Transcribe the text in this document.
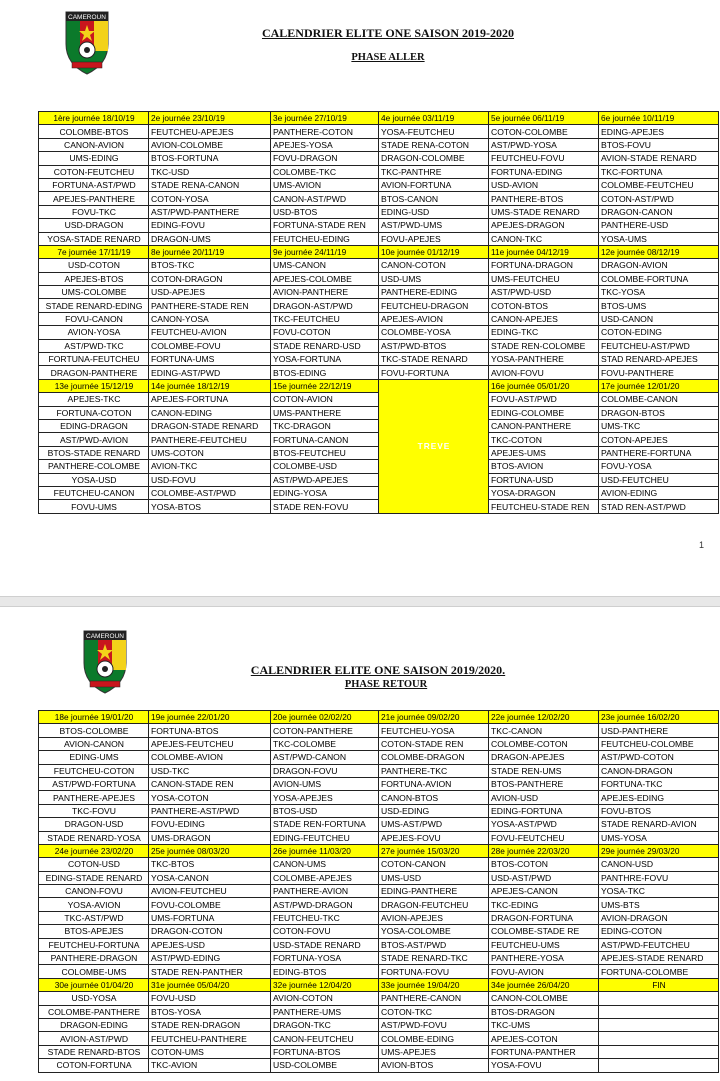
CAMEROUN
CALENDRIER ELITE ONE SAISON 2019-2020
PHASE ALLER
1ère journée 18/10/19	2e journée 23/10/19	3e journée 27/10/19	4e journée 03/11/19	5e journée 06/11/19	6e journée 10/11/19
COLOMBE-BTOS	FEUTCHEU-APEJES	PANTHERE-COTON	YOSA-FEUTCHEU	COTON-COLOMBE	EDING-APEJES
CANON-AVION	AVION-COLOMBE	APEJES-YOSA	STADE RENA-COTON	AST/PWD-YOSA	BTOS-FOVU
UMS-EDING	BTOS-FORTUNA	FOVU-DRAGON	DRAGON-COLOMBE	FEUTCHEU-FOVU	AVION-STADE RENARD
COTON-FEUTCHEU	TKC-USD	COLOMBE-TKC	TKC-PANTHRE	FORTUNA-EDING	TKC-FORTUNA
FORTUNA-AST/PWD	STADE RENA-CANON	UMS-AVION	AVION-FORTUNA	USD-AVION	COLOMBE-FEUTCHEU
APEJES-PANTHERE	COTON-YOSA	CANON-AST/PWD	BTOS-CANON	PANTHERE-BTOS	COTON-AST/PWD
FOVU-TKC	AST/PWD-PANTHERE	USD-BTOS	EDING-USD	UMS-STADE RENARD	DRAGON-CANON
USD-DRAGON	EDING-FOVU	FORTUNA-STADE REN	AST/PWD-UMS	APEJES-DRAGON	PANTHERE-USD
YOSA-STADE RENARD	DRAGON-UMS	FEUTCHEU-EDING	FOVU-APEJES	CANON-TKC	YOSA-UMS
7e journée 17/11/19	8e journée 20/11/19	9e journée 24/11/19	10e journée 01/12/19	11e journée 04/12/19	12e journée 08/12/19
USD-COTON	BTOS-TKC	UMS-CANON	CANON-COTON	FORTUNA-DRAGON	DRAGON-AVION
APEJES-BTOS	COTON-DRAGON	APEJES-COLOMBE	USD-UMS	UMS-FEUTCHEU	COLOMBE-FORTUNA
UMS-COLOMBE	USD-APEJES	AVION-PANTHERE	PANTHERE-EDING	AST/PWD-USD	TKC-YOSA
STADE RENARD-EDING	PANTHERE-STADE REN	DRAGON-AST/PWD	FEUTCHEU-DRAGON	COTON-BTOS	BTOS-UMS
FOVU-CANON	CANON-YOSA	TKC-FEUTCHEU	APEJES-AVION	CANON-APEJES	USD-CANON
AVION-YOSA	FEUTCHEU-AVION	FOVU-COTON	COLOMBE-YOSA	EDING-TKC	COTON-EDING
AST/PWD-TKC	COLOMBE-FOVU	STADE RENARD-USD	AST/PWD-BTOS	STADE REN-COLOMBE	FEUTCHEU-AST/PWD
FORTUNA-FEUTCHEU	FORTUNA-UMS	YOSA-FORTUNA	TKC-STADE RENARD	YOSA-PANTHERE	STAD RENARD-APEJES
DRAGON-PANTHERE	EDING-AST/PWD	BTOS-EDING	FOVU-FORTUNA	AVION-FOVU	FOVU-PANTHERE
13e journée 15/12/19	14e journée 18/12/19	15e journée 22/12/19	TREVE	16e journée 05/01/20	17e journée 12/01/20
APEJES-TKC	APEJES-FORTUNA	COTON-AVION		FOVU-AST/PWD	COLOMBE-CANON
FORTUNA-COTON	CANON-EDING	UMS-PANTHERE		EDING-COLOMBE	DRAGON-BTOS
EDING-DRAGON	DRAGON-STADE RENARD	TKC-DRAGON		CANON-PANTHERE	UMS-TKC
AST/PWD-AVION	PANTHERE-FEUTCHEU	FORTUNA-CANON		TKC-COTON	COTON-APEJES
BTOS-STADE RENARD	UMS-COTON	BTOS-FEUTCHEU		APEJES-UMS	PANTHERE-FORTUNA
PANTHERE-COLOMBE	AVION-TKC	COLOMBE-USD		BTOS-AVION	FOVU-YOSA
YOSA-USD	USD-FOVU	AST/PWD-APEJES		FORTUNA-USD	USD-FEUTCHEU
FEUTCHEU-CANON	COLOMBE-AST/PWD	EDING-YOSA		YOSA-DRAGON	AVION-EDING
FOVU-UMS	YOSA-BTOS	STADE REN-FOVU		FEUTCHEU-STADE REN	STAD REN-AST/PWD
1
CAMEROUN
CALENDRIER ELITE ONE SAISON 2019/2020.
PHASE RETOUR
18e journée 19/01/20	19e journée 22/01/20	20e journée 02/02/20	21e journée 09/02/20	22e journée 12/02/20	23e journée 16/02/20
BTOS-COLOMBE	FORTUNA-BTOS	COTON-PANTHERE	FEUTCHEU-YOSA	TKC-CANON	USD-PANTHERE
AVION-CANON	APEJES-FEUTCHEU	TKC-COLOMBE	COTON-STADE REN	COLOMBE-COTON	FEUTCHEU-COLOMBE
EDING-UMS	COLOMBE-AVION	AST/PWD-CANON	COLOMBE-DRAGON	DRAGON-APEJES	AST/PWD-COTON
FEUTCHEU-COTON	USD-TKC	DRAGON-FOVU	PANTHERE-TKC	STADE REN-UMS	CANON-DRAGON
AST/PWD-FORTUNA	CANON-STADE REN	AVION-UMS	FORTUNA-AVION	BTOS-PANTHERE	FORTUNA-TKC
PANTHERE-APEJES	YOSA-COTON	YOSA-APEJES	CANON-BTOS	AVION-USD	APEJES-EDING
TKC-FOVU	PANTHERE-AST/PWD	BTOS-USD	USD-EDING	EDING-FORTUNA	FOVU-BTOS
DRAGON-USD	FOVU-EDING	STADE REN-FORTUNA	UMS-AST/PWD	YOSA-AST/PWD	STADE RENARD-AVION
STADE RENARD-YOSA	UMS-DRAGON	EDING-FEUTCHEU	APEJES-FOVU	FOVU-FEUTCHEU	UMS-YOSA
24e journée 23/02/20	25e journée 08/03/20	26e journée 11/03/20	27e journée 15/03/20	28e journée 22/03/20	29e journée 29/03/20
COTON-USD	TKC-BTOS	CANON-UMS	COTON-CANON	BTOS-COTON	CANON-USD
EDING-STADE RENARD	YOSA-CANON	COLOMBE-APEJES	UMS-USD	USD-AST/PWD	PANTHRE-FOVU
CANON-FOVU	AVION-FEUTCHEU	PANTHERE-AVION	EDING-PANTHERE	APEJES-CANON	YOSA-TKC
YOSA-AVION	FOVU-COLOMBE	AST/PWD-DRAGON	DRAGON-FEUTCHEU	TKC-EDING	UMS-BTS
TKC-AST/PWD	UMS-FORTUNA	FEUTCHEU-TKC	AVION-APEJES	DRAGON-FORTUNA	AVION-DRAGON
BTOS-APEJES	DRAGON-COTON	COTON-FOVU	YOSA-COLOMBE	COLOMBE-STADE RE	EDING-COTON
FEUTCHEU-FORTUNA	APEJES-USD	USD-STADE RENARD	BTOS-AST/PWD	FEUTCHEU-UMS	AST/PWD-FEUTCHEU
PANTHERE-DRAGON	AST/PWD-EDING	FORTUNA-YOSA	STADE RENARD-TKC	PANTHERE-YOSA	APEJES-STADE RENARD
COLOMBE-UMS	STADE REN-PANTHER	EDING-BTOS	FORTUNA-FOVU	FOVU-AVION	FORTUNA-COLOMBE
30e journée 01/04/20	31e journée 05/04/20	32e journée 12/04/20	33e journée 19/04/20	34e journée 26/04/20	FIN
USD-YOSA	FOVU-USD	AVION-COTON	PANTHERE-CANON	CANON-COLOMBE	
COLOMBE-PANTHERE	BTOS-YOSA	PANTHERE-UMS	COTON-TKC	BTOS-DRAGON	
DRAGON-EDING	STADE REN-DRAGON	DRAGON-TKC	AST/PWD-FOVU	TKC-UMS	
AVION-AST/PWD	FEUTCHEU-PANTHERE	CANON-FEUTCHEU	COLOMBE-EDING	APEJES-COTON	
STADE RENARD-BTOS	COTON-UMS	FORTUNA-BTOS	UMS-APEJES	FORTUNA-PANTHER	
COTON-FORTUNA	TKC-AVION	USD-COLOMBE	AVION-BTOS	YOSA-FOVU	
